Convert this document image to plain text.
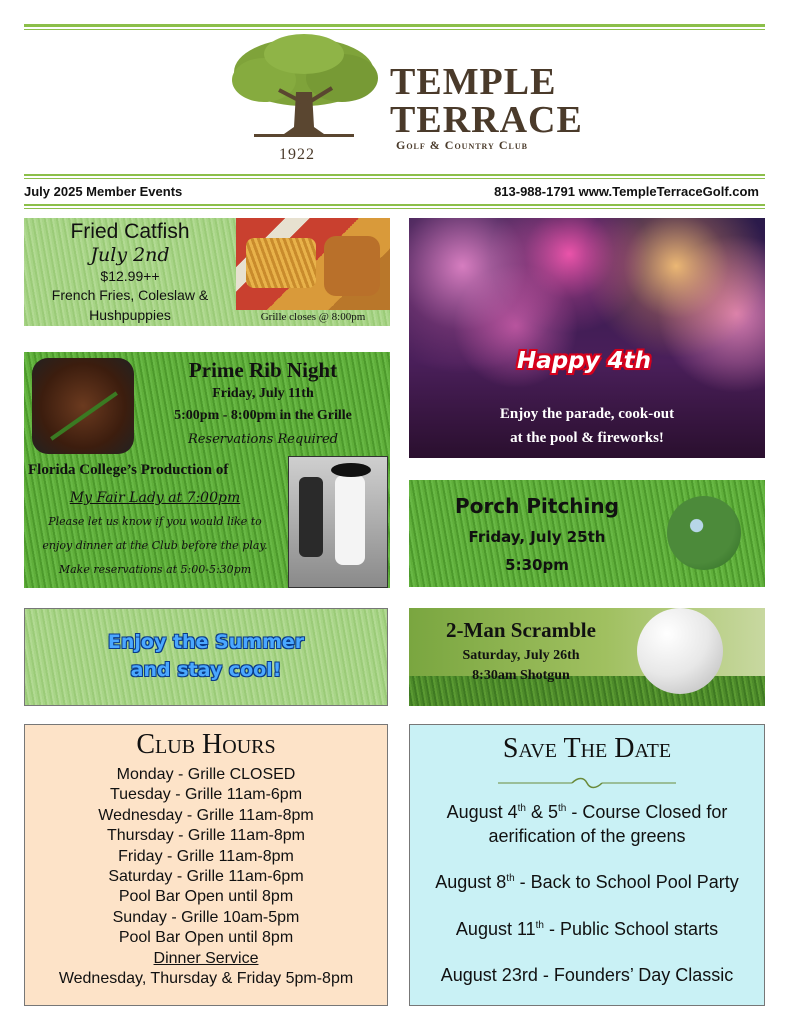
1922
TEMPLE
TERRACE
Golf & Country Club
July 2025 Member Events	813-988-1791 www.TempleTerraceGolf.com
Fried Catfish
July 2nd
$12.99++
French Fries, Coleslaw &
Hushpuppies	Grille closes @ 8:00pm
Happy 4th
Enjoy the parade, cook-out
at the pool & fireworks!
Prime Rib Night
Friday, July 11th
5:00pm - 8:00pm in the Grille
Reservations Required
Florida College’s Production of
My Fair Lady at 7:00pm
Please let us know if you would like to
enjoy dinner at the Club before the play.
Make reservations at 5:00-5:30pm
Porch Pitching
Friday, July 25th
5:30pm
Enjoy the Summer
and stay cool!
2-Man Scramble
Saturday, July 26th
8:30am Shotgun
Club Hours
Monday - Grille CLOSED
Tuesday - Grille 11am-6pm
Wednesday - Grille 11am-8pm
Thursday - Grille 11am-8pm
Friday - Grille 11am-8pm
Saturday - Grille 11am-6pm
Pool Bar Open until 8pm
Sunday - Grille 10am-5pm
Pool Bar Open until 8pm
Dinner Service
Wednesday, Thursday & Friday 5pm-8pm
Save The Date
August 4th & 5th - Course Closed for
aerification of the greens
August 8th - Back to School Pool Party
August 11th - Public School starts
August 23rd - Founders’ Day Classic
